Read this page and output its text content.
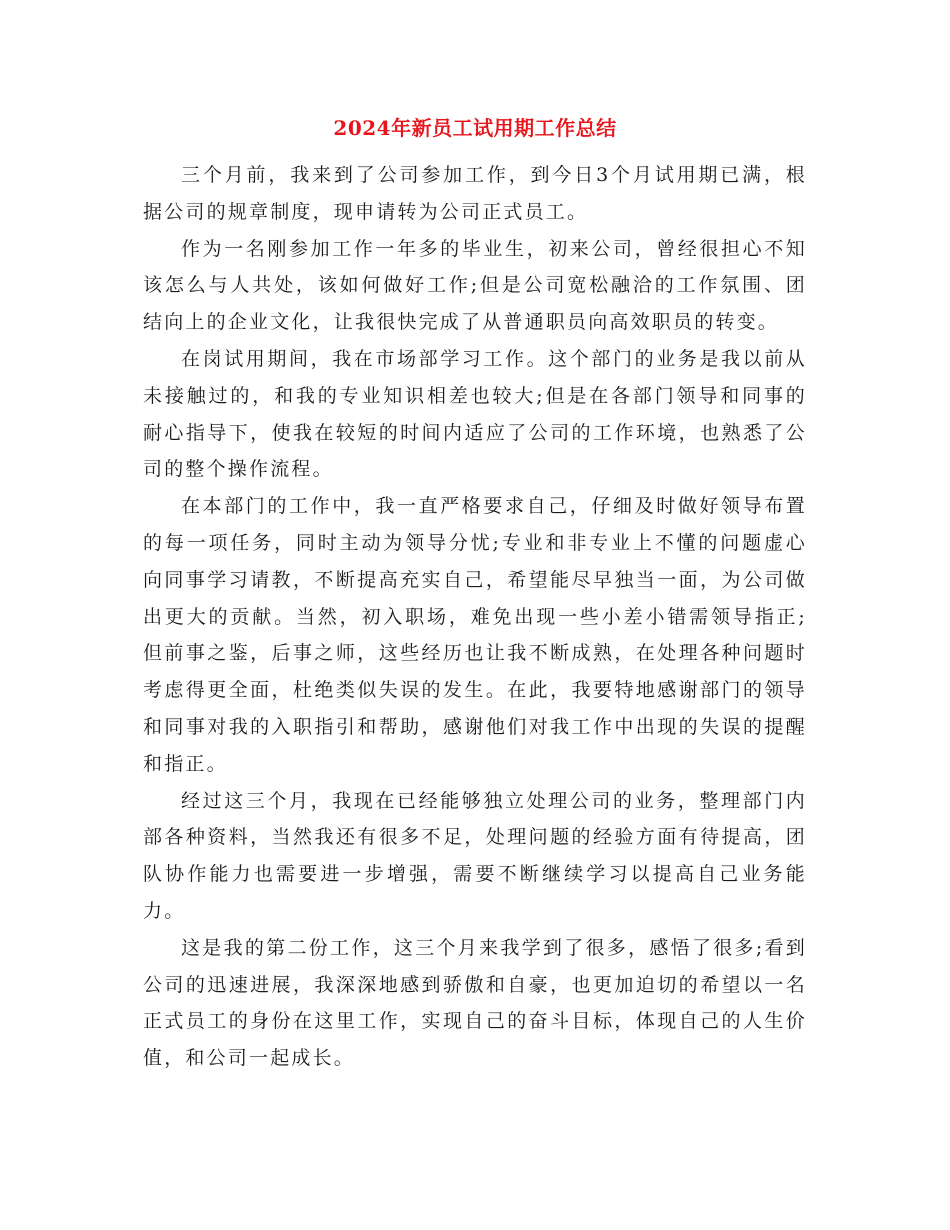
2024年新员工试用期工作总结

三个月前，我来到了公司参加工作，到今日3个月试用期已满，根据公司的规章制度，现申请转为公司正式员工。

作为一名刚参加工作一年多的毕业生，初来公司，曾经很担心不知该怎么与人共处，该如何做好工作;但是公司宽松融洽的工作氛围、团结向上的企业文化，让我很快完成了从普通职员向高效职员的转变。

在岗试用期间，我在市场部学习工作。这个部门的业务是我以前从未接触过的，和我的专业知识相差也较大;但是在各部门领导和同事的耐心指导下，使我在较短的时间内适应了公司的工作环境，也熟悉了公司的整个操作流程。

在本部门的工作中，我一直严格要求自己，仔细及时做好领导布置的每一项任务，同时主动为领导分忧;专业和非专业上不懂的问题虚心向同事学习请教，不断提高充实自己，希望能尽早独当一面，为公司做出更大的贡献。当然，初入职场，难免出现一些小差小错需领导指正;但前事之鉴，后事之师，这些经历也让我不断成熟，在处理各种问题时考虑得更全面，杜绝类似失误的发生。在此，我要特地感谢部门的领导和同事对我的入职指引和帮助，感谢他们对我工作中出现的失误的提醒和指正。

经过这三个月，我现在已经能够独立处理公司的业务，整理部门内部各种资料，当然我还有很多不足，处理问题的经验方面有待提高，团队协作能力也需要进一步增强，需要不断继续学习以提高自己业务能力。

这是我的第二份工作，这三个月来我学到了很多，感悟了很多;看到公司的迅速进展，我深深地感到骄傲和自豪，也更加迫切的希望以一名正式员工的身份在这里工作，实现自己的奋斗目标，体现自己的人生价值，和公司一起成长。
